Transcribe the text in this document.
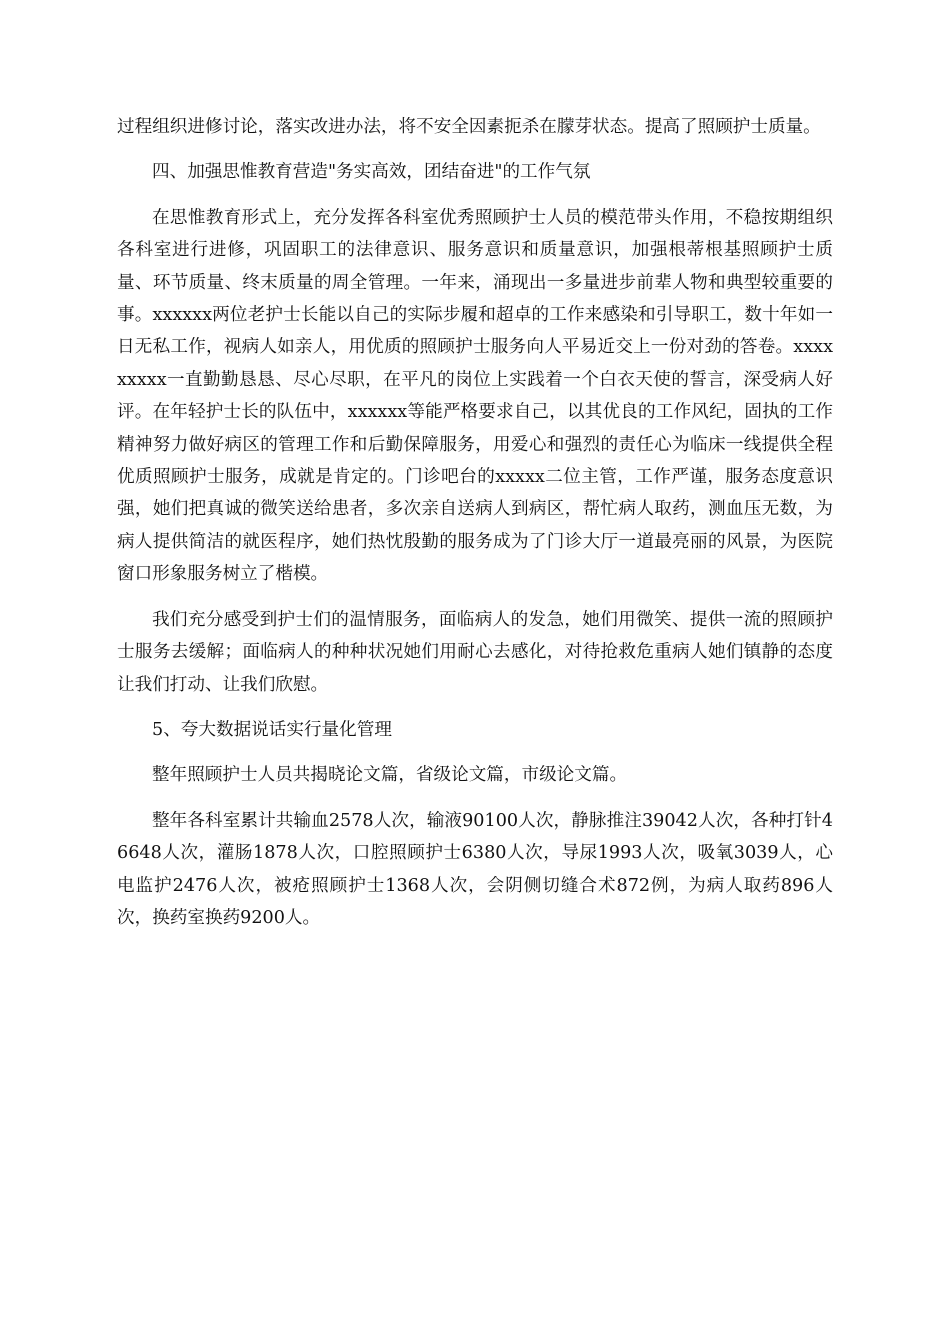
过程组织进修讨论，落实改进办法，将不安全因素扼杀在朦芽状态。提高了照顾护士质量。

四、加强思惟教育营造"务实高效，团结奋进"的工作气氛

在思惟教育形式上，充分发挥各科室优秀照顾护士人员的模范带头作用，不稳按期组织各科室进行进修，巩固职工的法律意识、服务意识和质量意识，加强根蒂根基照顾护士质量、环节质量、终末质量的周全管理。一年来，涌现出一多量进步前辈人物和典型较重要的事。xxxxxx两位老护士长能以自己的实际步履和超卓的工作来感染和引导职工，数十年如一日无私工作，视病人如亲人，用优质的照顾护士服务向人平易近交上一份对劲的答卷。xxxxxxxxx一直勤勤恳恳、尽心尽职，在平凡的岗位上实践着一个白衣天使的誓言，深受病人好评。在年轻护士长的队伍中，xxxxxx等能严格要求自己，以其优良的工作风纪，固执的工作精神努力做好病区的管理工作和后勤保障服务，用爱心和强烈的责任心为临床一线提供全程优质照顾护士服务，成就是肯定的。门诊吧台的xxxxx二位主管，工作严谨，服务态度意识强，她们把真诚的微笑送给患者，多次亲自送病人到病区，帮忙病人取药，测血压无数，为病人提供简洁的就医程序，她们热忱殷勤的服务成为了门诊大厅一道最亮丽的风景，为医院窗口形象服务树立了楷模。

我们充分感受到护士们的温情服务，面临病人的发急，她们用微笑、提供一流的照顾护士服务去缓解；面临病人的种种状况她们用耐心去感化，对待抢救危重病人她们镇静的态度让我们打动、让我们欣慰。

5、夸大数据说话实行量化管理

整年照顾护士人员共揭晓论文篇，省级论文篇，市级论文篇。

整年各科室累计共输血2578人次，输液90100人次，静脉推注39042人次，各种打针46648人次，灌肠1878人次，口腔照顾护士6380人次，导尿1993人次，吸氧3039人，心电监护2476人次，被疮照顾护士1368人次，会阴侧切缝合术872例，为病人取药896人次，换药室换药9200人。
